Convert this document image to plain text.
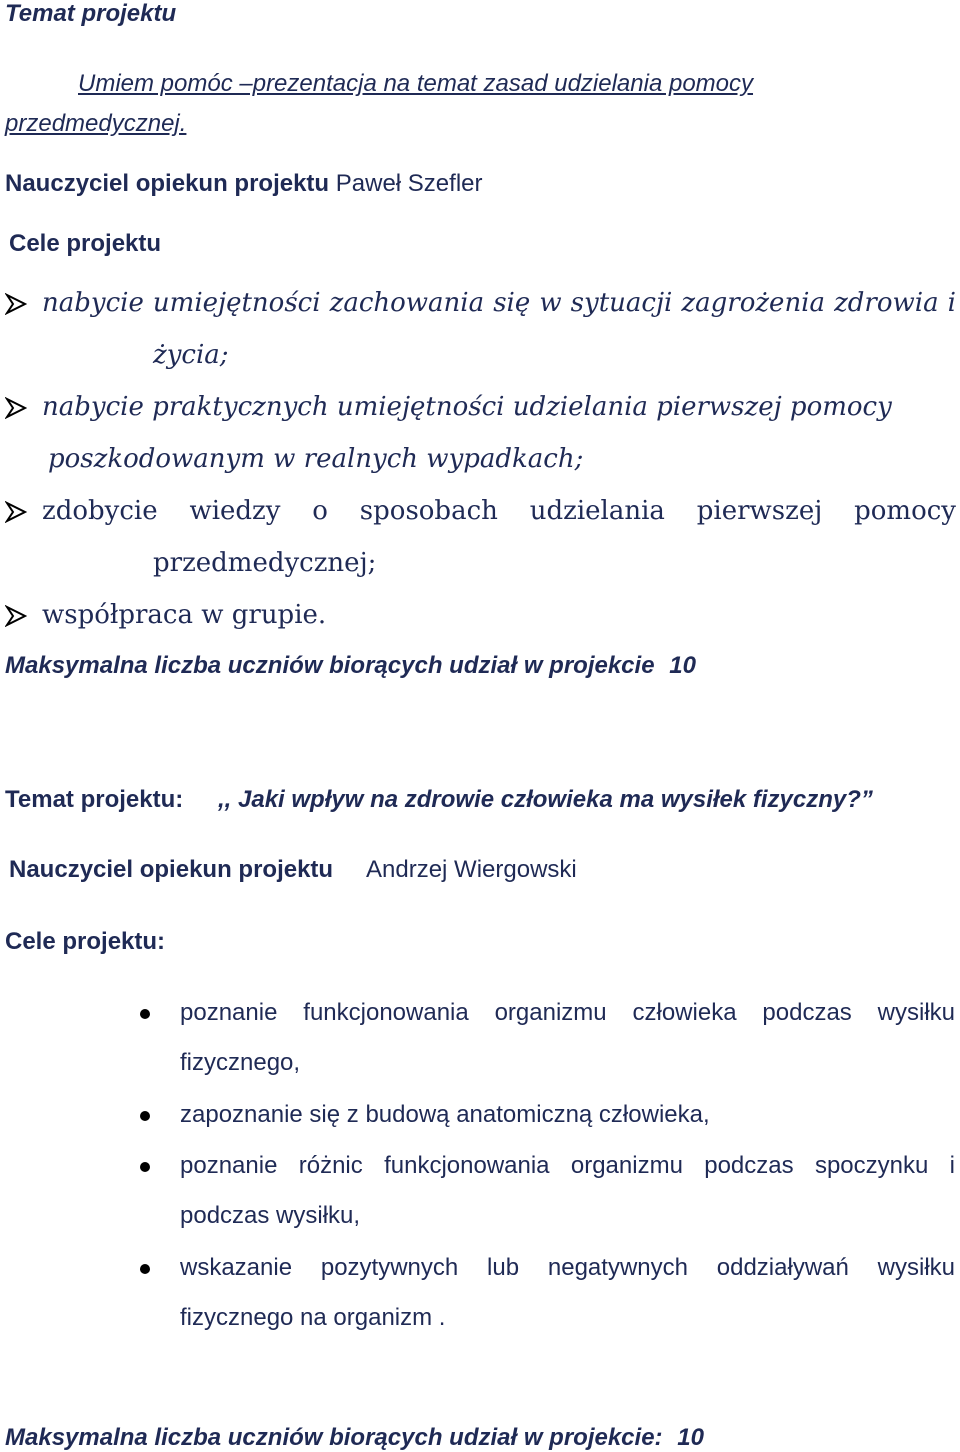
Temat projektu
Umiem pomóc –prezentacja na temat zasad udzielania pomocy
przedmedycznej.
Nauczyciel opiekun projektu Paweł Szefler
Cele projektu
nabycie umiejętności zachowania się w sytuacji zagrożenia zdrowia i
życia;
nabycie praktycznych umiejętności udzielania pierwszej pomocy
poszkodowanym w realnych wypadkach;
zdobycie wiedzy o sposobach udzielania pierwszej pomocy
przedmedycznej;
współpraca w grupie.
Maksymalna liczba uczniów biorących udział w projekcie 10
Temat projektu: ,, Jaki wpływ na zdrowie człowieka ma wysiłek fizyczny?”
Nauczyciel opiekun projektu Andrzej Wiergowski
Cele projektu:
poznanie funkcjonowania organizmu człowieka podczas wysiłku
fizycznego,
zapoznanie się z budową anatomiczną człowieka,
poznanie różnic funkcjonowania organizmu podczas spoczynku i
podczas wysiłku,
wskazanie pozytywnych lub negatywnych oddziaływań wysiłku
fizycznego na organizm .
Maksymalna liczba uczniów biorących udział w projekcie: 10
